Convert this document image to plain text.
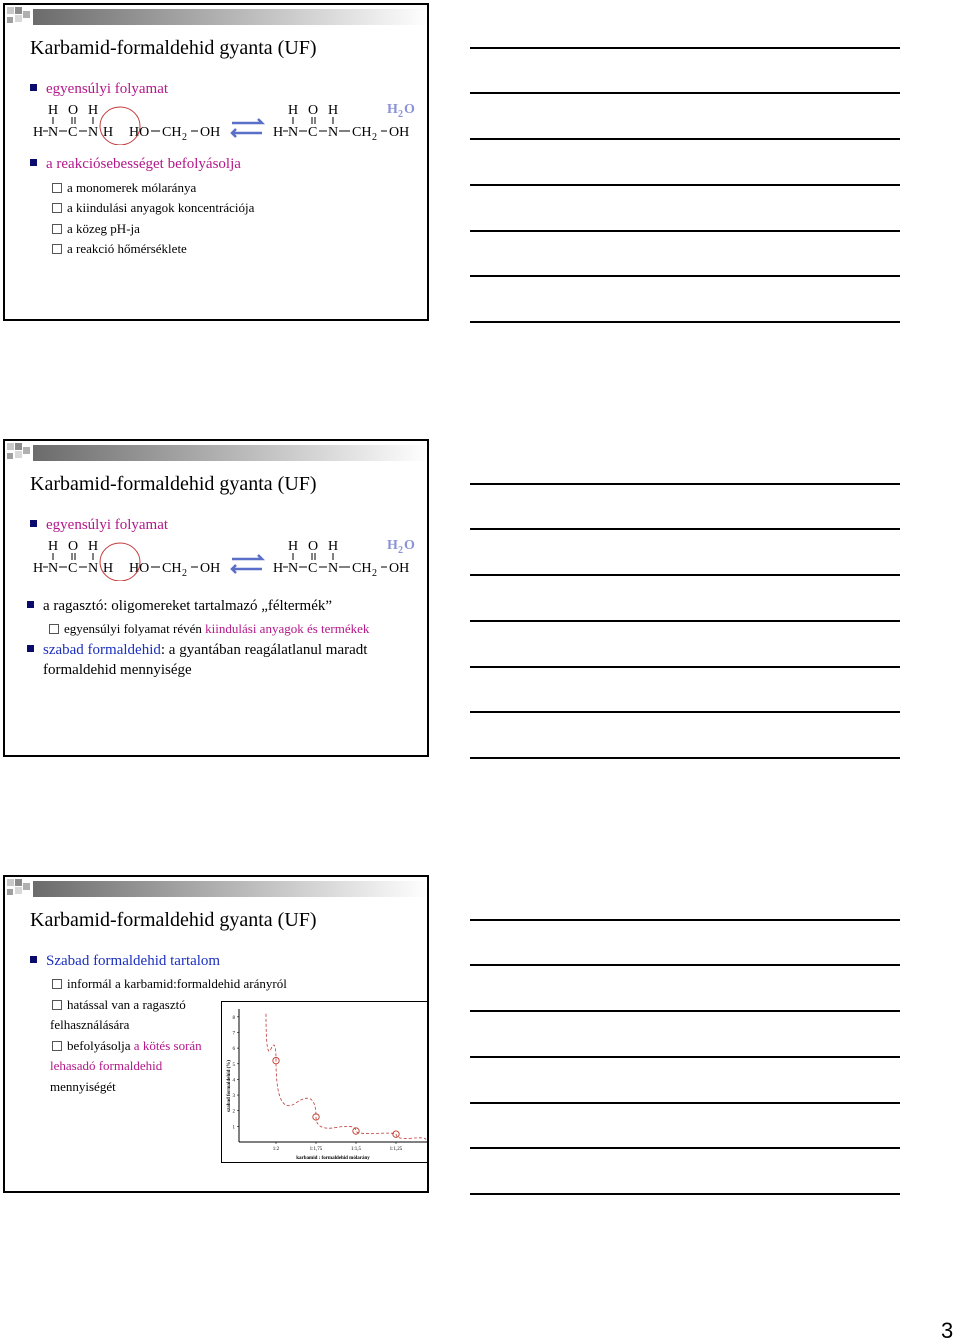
Karbamid-formaldehid gyanta (UF)
egyensúlyi folyamat
H O H
H N C N H HO CH 2 OH
H O H
H N C N CH 2 OH
H 2 O
a reakciósebességet befolyásolja
a monomerek mólaránya
a kiindulási anyagok koncentrációja
a közeg pH-ja
a reakció hőmérséklete
Karbamid-formaldehid gyanta (UF)
egyensúlyi folyamat
H O H
H N C N H HO CH 2 OH
H O H
H N C N CH 2 OH
H 2 O
a ragasztó: oligomereket tartalmazó „féltermék”
egyensúlyi folyamat révén kiindulási anyagok és termékek
szabad formaldehid: a gyantában reagálatlanul maradt
formaldehid mennyisége
Karbamid-formaldehid gyanta (UF)
Szabad formaldehid tartalom
informál a karbamid:formaldehid arányról
hatással van a ragasztó
felhasználására
befolyásolja a kötés során
lehasadó formaldehid
mennyiségét	szabad formaldehid (%)
karbamid : formaldehid mólarány
1
2
3
4
5
6
7
8
1:2	1:1,75	1:1,5	1:1,25
3
